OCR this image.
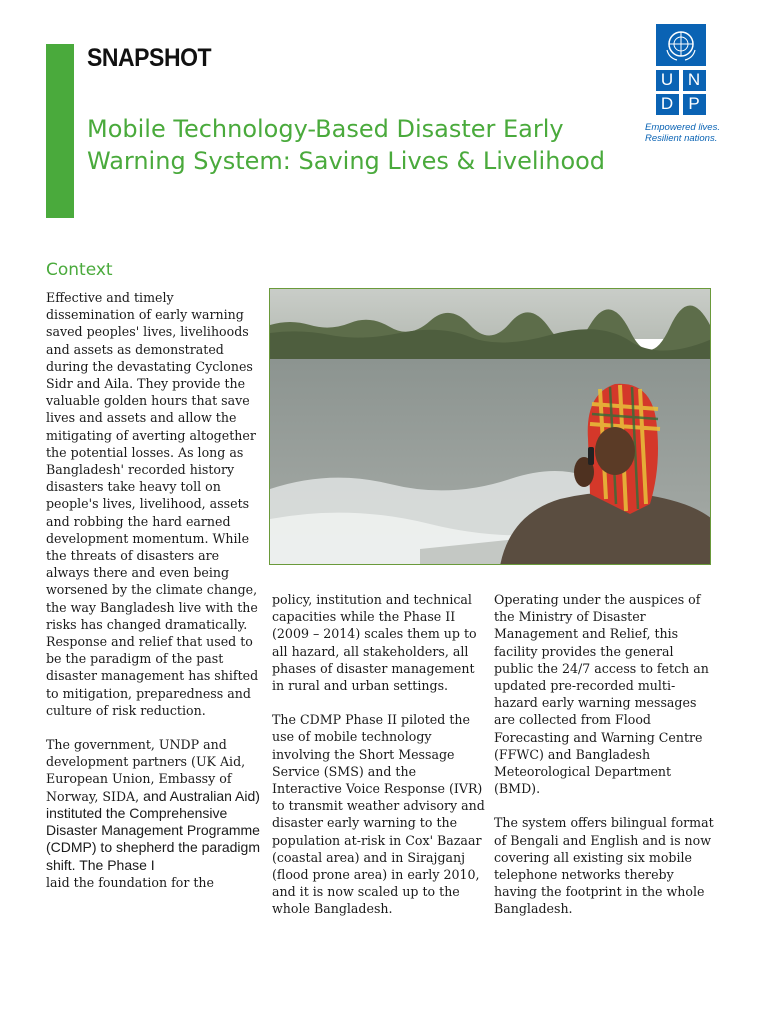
SNAPSHOT
Mobile Technology-Based Disaster Early Warning System: Saving Lives & Livelihood
U N
D P
Empowered lives.
Resilient nations.
Context

Effective and timely dissemination of early warning saved peoples' lives, livelihoods and assets as demonstrated during the devastating Cyclones Sidr and Aila. They provide the valuable golden hours that save lives and assets and allow the mitigating of averting altogether the potential losses. As long as Bangladesh' recorded history disasters take heavy toll on people's lives, livelihood, assets and robbing the hard earned development momentum. While the threats of disasters are always there and even being worsened by the climate change, the way Bangladesh live with the risks has changed dramatically. Response and relief that used to be the paradigm of the past disaster management has shifted to mitigation, preparedness and culture of risk reduction.

The government, UNDP and development partners (UK Aid, European Union, Embassy of Norway, SIDA, and Australian Aid) instituted the Comprehensive Disaster Management Programme (CDMP) to shepherd the paradigm shift. The Phase I
laid the foundation for the

policy, institution and technical capacities while the Phase II (2009 – 2014) scales them up to all hazard, all stakeholders, all phases of disaster management in rural and urban settings.

The CDMP Phase II piloted the use of mobile technology involving the Short Message Service (SMS) and the Interactive Voice Response (IVR) to transmit weather advisory and disaster early warning to the population at-risk in Cox' Bazaar (coastal area) and in Sirajganj (flood prone area) in early 2010, and it is now scaled up to the whole Bangladesh.

Operating under the auspices of the Ministry of Disaster Management and Relief, this facility provides the general public the 24/7 access to fetch an updated pre-recorded multi-hazard early warning messages are collected from Flood Forecasting and Warning Centre (FFWC) and Bangladesh Meteorological Department (BMD).

The system offers bilingual format of Bengali and English and is now covering all existing six mobile telephone networks thereby having the footprint in the whole Bangladesh.
